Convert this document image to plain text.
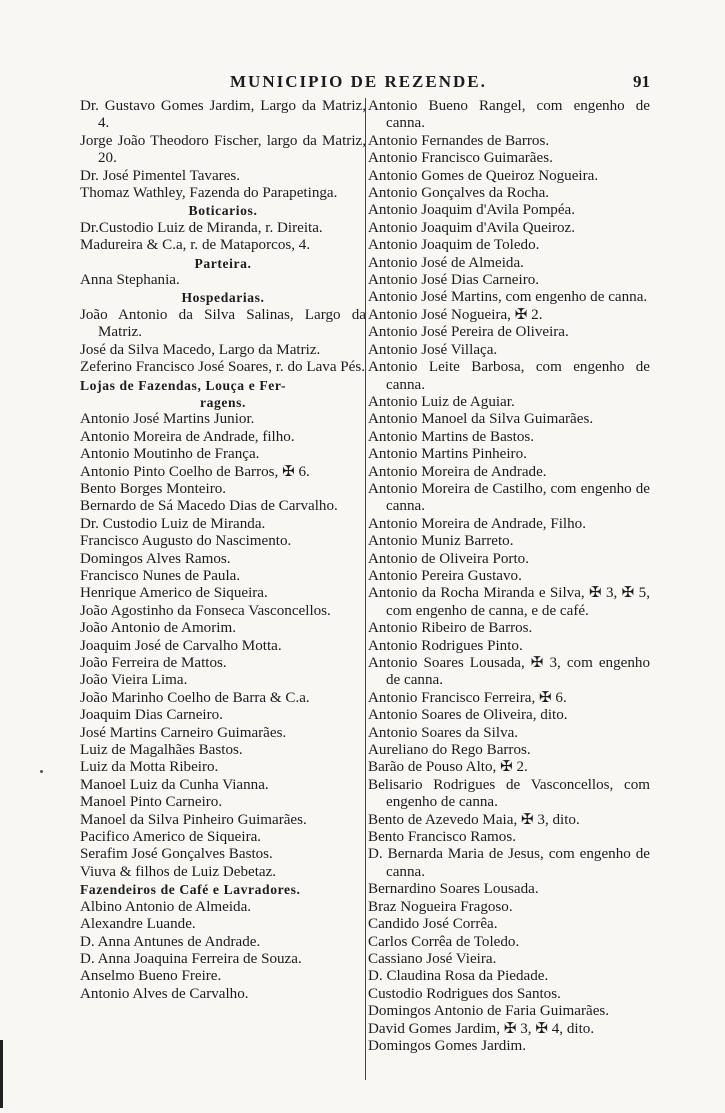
MUNICIPIO DE REZENDE.	91

Dr. Gustavo Gomes Jardim, Largo da Matriz, 4.

Jorge João Theodoro Fischer, largo da Matriz, 20.

Dr. José Pimentel Tavares.

Thomaz Wathley, Fazenda do Parapetinga.

Boticarios.

Dr.Custodio Luiz de Miranda, r. Direita.

Madureira & C.a, r. de Mataporcos, 4.

Parteira.

Anna Stephania.

Hospedarias.

João Antonio da Silva Salinas, Largo da Matriz.

José da Silva Macedo, Largo da Matriz.

Zeferino Francisco José Soares, r. do Lava Pés.

Lojas de Fazendas, Louça e Fer-
ragens.

Antonio José Martins Junior.

Antonio Moreira de Andrade, filho.

Antonio Moutinho de França.

Antonio Pinto Coelho de Barros, ✠ 6.

Bento Borges Monteiro.

Bernardo de Sá Macedo Dias de Carvalho.

Dr. Custodio Luiz de Miranda.

Francisco Augusto do Nascimento.

Domingos Alves Ramos.

Francisco Nunes de Paula.

Henrique Americo de Siqueira.

João Agostinho da Fonseca Vasconcellos.

João Antonio de Amorim.

Joaquim José de Carvalho Motta.

João Ferreira de Mattos.

João Vieira Lima.

João Marinho Coelho de Barra & C.a.

Joaquim Dias Carneiro.

José Martins Carneiro Guimarães.

Luiz de Magalhães Bastos.

Luiz da Motta Ribeiro.

Manoel Luiz da Cunha Vianna.

Manoel Pinto Carneiro.

Manoel da Silva Pinheiro Guimarães.

Pacifico Americo de Siqueira.

Serafim José Gonçalves Bastos.

Viuva & filhos de Luiz Debetaz.

Fazendeiros de Café e Lavradores.

Albino Antonio de Almeida.

Alexandre Luande.

D. Anna Antunes de Andrade.

D. Anna Joaquina Ferreira de Souza.

Anselmo Bueno Freire.

Antonio Alves de Carvalho.

Antonio Bueno Rangel, com engenho de canna.

Antonio Fernandes de Barros.

Antonio Francisco Guimarães.

Antonio Gomes de Queiroz Nogueira.

Antonio Gonçalves da Rocha.

Antonio Joaquim d'Avila Pompéa.

Antonio Joaquim d'Avila Queiroz.

Antonio Joaquim de Toledo.

Antonio José de Almeida.

Antonio José Dias Carneiro.

Antonio José Martins, com engenho de canna.

Antonio José Nogueira, ✠ 2.

Antonio José Pereira de Oliveira.

Antonio José Villaça.

Antonio Leite Barbosa, com engenho de canna.

Antonio Luiz de Aguiar.

Antonio Manoel da Silva Guimarães.

Antonio Martins de Bastos.

Antonio Martins Pinheiro.

Antonio Moreira de Andrade.

Antonio Moreira de Castilho, com engenho de canna.

Antonio Moreira de Andrade, Filho.

Antonio Muniz Barreto.

Antonio de Oliveira Porto.

Antonio Pereira Gustavo.

Antonio da Rocha Miranda e Silva, ✠ 3, ✠ 5, com engenho de canna, e de café.

Antonio Ribeiro de Barros.

Antonio Rodrigues Pinto.

Antonio Soares Lousada, ✠ 3, com engenho de canna.

Antonio Francisco Ferreira, ✠ 6.

Antonio Soares de Oliveira, dito.

Antonio Soares da Silva.

Aureliano do Rego Barros.

Barão de Pouso Alto, ✠ 2.

Belisario Rodrigues de Vasconcellos, com engenho de canna.

Bento de Azevedo Maia, ✠ 3, dito.

Bento Francisco Ramos.

D. Bernarda Maria de Jesus, com engenho de canna.

Bernardino Soares Lousada.

Braz Nogueira Fragoso.

Candido José Corrêa.

Carlos Corrêa de Toledo.

Cassiano José Vieira.

D. Claudina Rosa da Piedade.

Custodio Rodrigues dos Santos.

Domingos Antonio de Faria Guimarães.

David Gomes Jardim, ✠ 3, ✠ 4, dito.

Domingos Gomes Jardim.
